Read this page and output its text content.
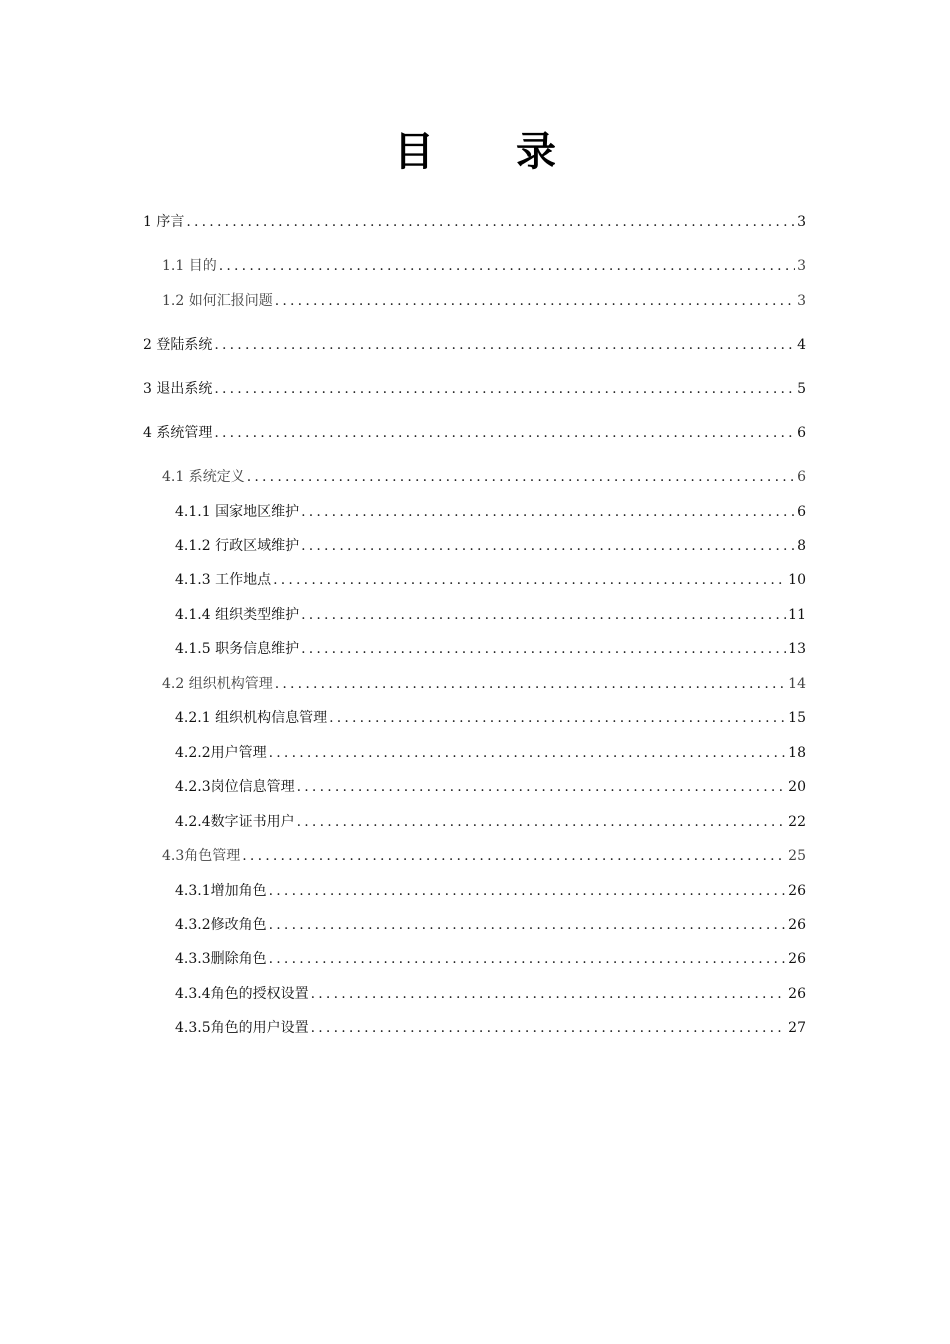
目 录
1 序言 .....	3
1.1 目的 .....	3
1.2 如何汇报问题 .....	3
2 登陆系统 .....	4
3 退出系统 .....	5
4 系统管理 .....	6
4.1 系统定义 .....	6
4.1.1 国家地区维护 .....	6
4.1.2 行政区域维护 .....	8
4.1.3 工作地点 .....	10
4.1.4 组织类型维护 .....	11
4.1.5 职务信息维护 .....	13
4.2 组织机构管理 .....	14
4.2.1 组织机构信息管理 .....	15
4.2.2用户管理 .....	18
4.2.3岗位信息管理 .....	20
4.2.4数字证书用户 .....	22
4.3角色管理 .....	25
4.3.1增加角色 .....	26
4.3.2修改角色 .....	26
4.3.3删除角色 .....	26
4.3.4角色的授权设置 .....	26
4.3.5角色的用户设置 .....	27
